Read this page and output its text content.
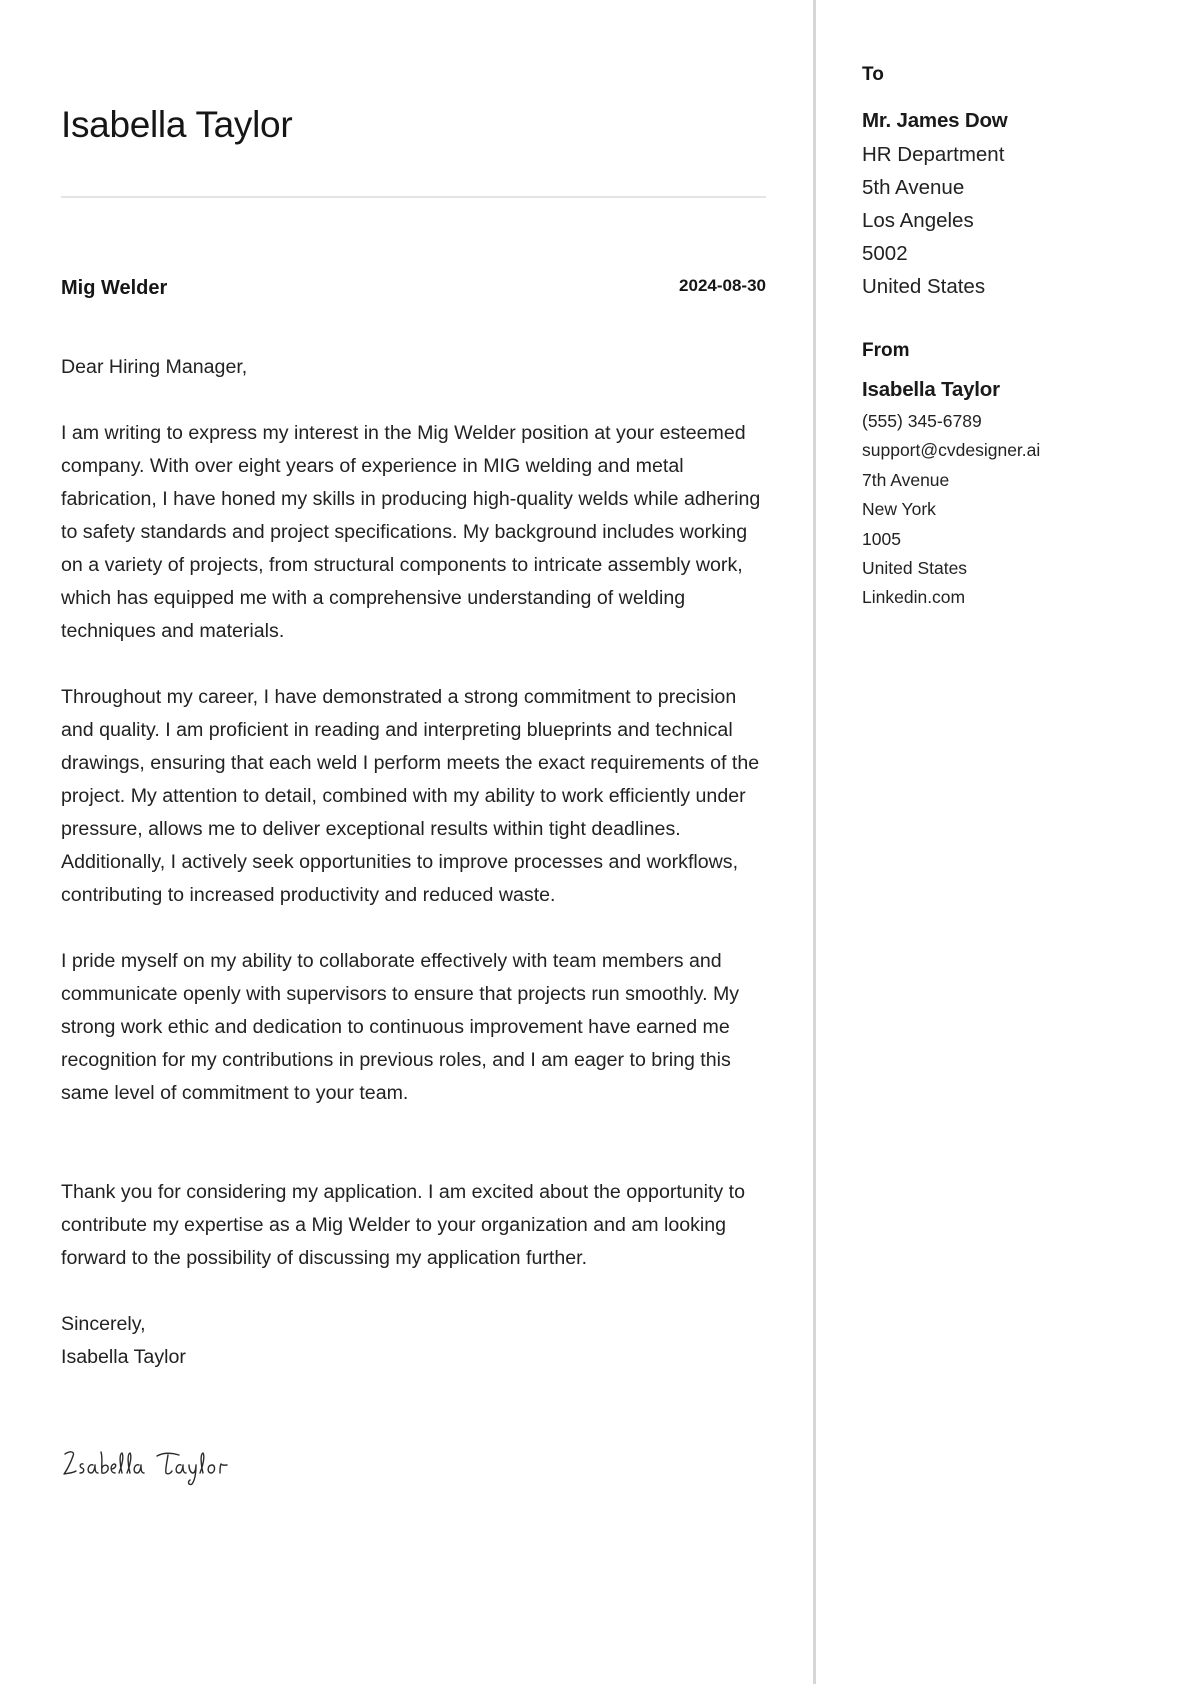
Isabella Taylor
Mig Welder	2024-08-30

Dear Hiring Manager,

I am writing to express my interest in the Mig Welder position at your esteemed company. With over eight years of experience in MIG welding and metal fabrication, I have honed my skills in producing high-quality welds while adhering to safety standards and project specifications. My background includes working on a variety of projects, from structural components to intricate assembly work, which has equipped me with a comprehensive understanding of welding techniques and materials.

Throughout my career, I have demonstrated a strong commitment to precision and quality. I am proficient in reading and interpreting blueprints and technical drawings, ensuring that each weld I perform meets the exact requirements of the project. My attention to detail, combined with my ability to work efficiently under pressure, allows me to deliver exceptional results within tight deadlines. Additionally, I actively seek opportunities to improve processes and workflows, contributing to increased productivity and reduced waste.

I pride myself on my ability to collaborate effectively with team members and communicate openly with supervisors to ensure that projects run smoothly. My strong work ethic and dedication to continuous improvement have earned me recognition for my contributions in previous roles, and I am eager to bring this same level of commitment to your team.

Thank you for considering my application. I am excited about the opportunity to contribute my expertise as a Mig Welder to your organization and am looking forward to the possibility of discussing my application further.

Sincerely,

Isabella Taylor

To
Mr. James Dow
HR Department
5th Avenue
Los Angeles
5002
United States
From
Isabella Taylor
(555) 345-6789
support@cvdesigner.ai
7th Avenue
New York
1005
United States
Linkedin.com
